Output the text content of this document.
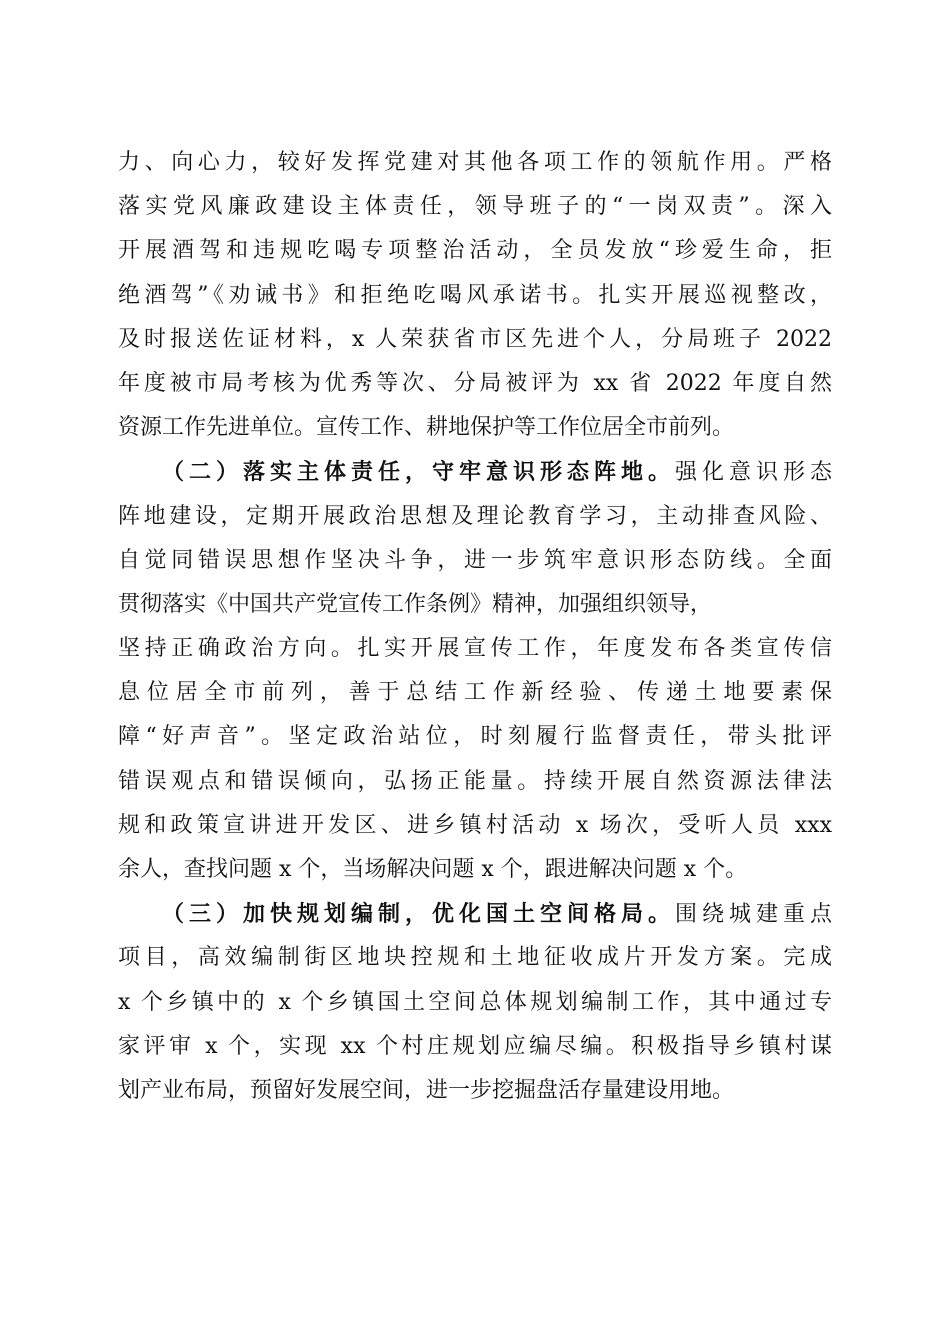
力、向心力，较好发挥党建对其他各项工作的领航作用。严格
落实党风廉政建设主体责任，领导班子的“一岗双责”。深入
开展酒驾和违规吃喝专项整治活动，全员发放“珍爱生命，拒
绝酒驾”《劝诫书》和拒绝吃喝风承诺书。扎实开展巡视整改，
及时报送佐证材料，x 人荣获省市区先进个人，分局班子 2022
年度被市局考核为优秀等次、分局被评为 xx 省 2022 年度自然
资源工作先进单位。宣传工作、耕地保护等工作位居全市前列。
（二）落实主体责任，守牢意识形态阵地。强化意识形态
阵地建设，定期开展政治思想及理论教育学习，主动排查风险、
自觉同错误思想作坚决斗争，进一步筑牢意识形态防线。全面
贯彻落实《中国共产党宣传工作条例》精神，加强组织领导，
坚持正确政治方向。扎实开展宣传工作，年度发布各类宣传信
息位居全市前列，善于总结工作新经验、传递土地要素保
障“好声音”。坚定政治站位，时刻履行监督责任，带头批评
错误观点和错误倾向，弘扬正能量。持续开展自然资源法律法
规和政策宣讲进开发区、进乡镇村活动 x 场次，受听人员 xxx
余人，查找问题 x 个，当场解决问题 x 个，跟进解决问题 x 个。
（三）加快规划编制，优化国土空间格局。围绕城建重点
项目，高效编制街区地块控规和土地征收成片开发方案。完成
x 个乡镇中的 x 个乡镇国土空间总体规划编制工作，其中通过专
家评审 x 个，实现 xx 个村庄规划应编尽编。积极指导乡镇村谋
划产业布局，预留好发展空间，进一步挖掘盘活存量建设用地。
